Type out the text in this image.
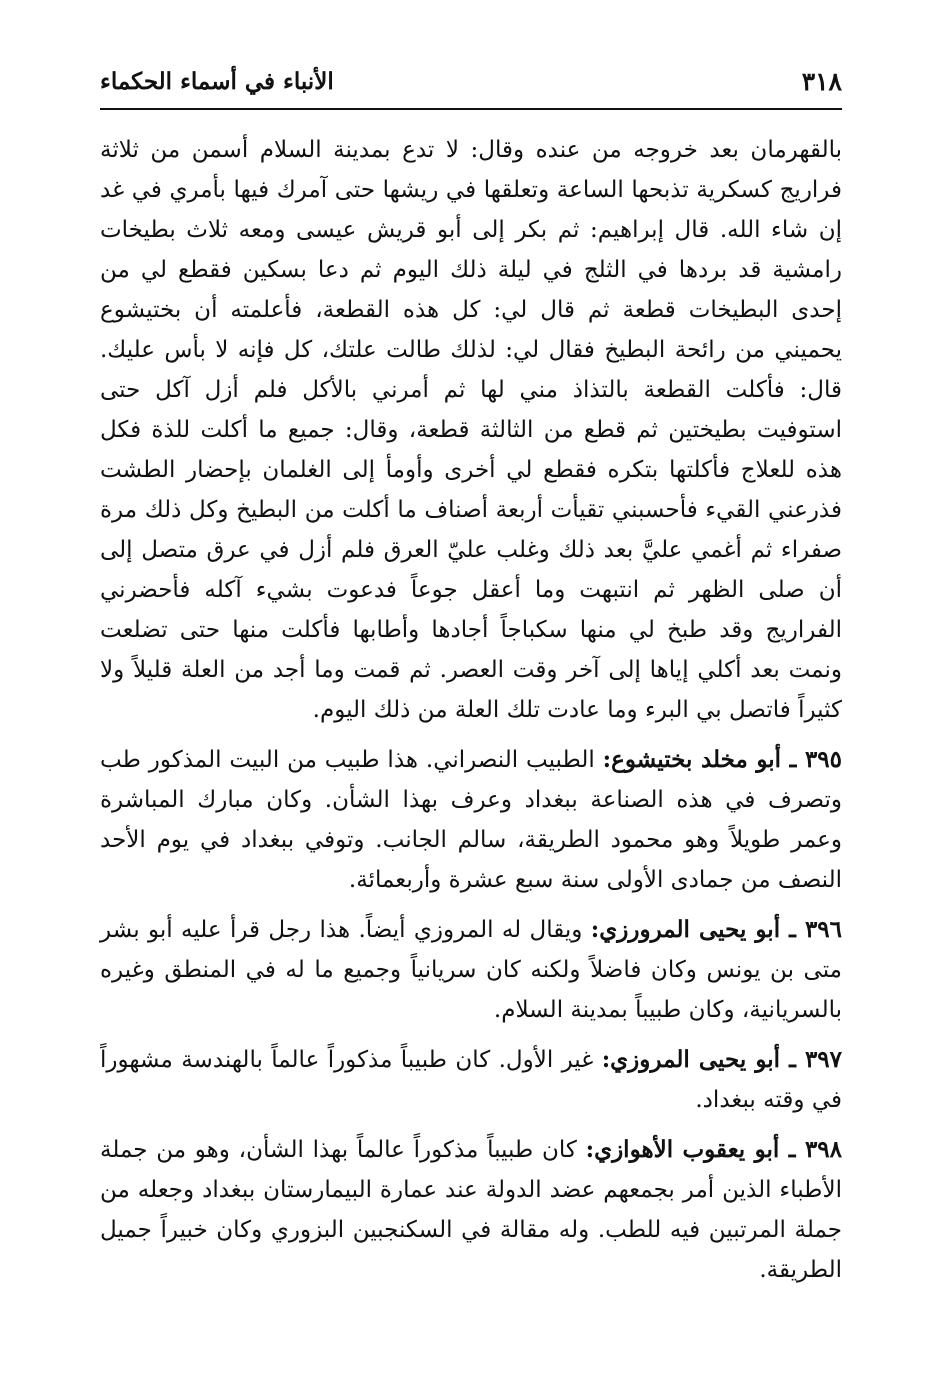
٣١٨
الأنباء في أسماء الحكماء

بالقهرمان بعد خروجه من عنده وقال: لا تدع بمدينة السلام أسمن من ثلاثة فراريج كسكرية تذبحها الساعة وتعلقها في ريشها حتى آمرك فيها بأمري في غد إن شاء الله. قال إبراهيم: ثم بكر إلى أبو قريش عيسى ومعه ثلاث بطيخات رامشية قد بردها في الثلج في ليلة ذلك اليوم ثم دعا بسكين فقطع لي من إحدى البطيخات قطعة ثم قال لي: كل هذه القطعة، فأعلمته أن بختيشوع يحميني من رائحة البطيخ فقال لي: لذلك طالت علتك، كل فإنه لا بأس عليك. قال: فأكلت القطعة بالتذاذ مني لها ثم أمرني بالأكل فلم أزل آكل حتى استوفيت بطيختين ثم قطع من الثالثة قطعة، وقال: جميع ما أكلت للذة فكل هذه للعلاج فأكلتها بتكره فقطع لي أخرى وأومأ إلى الغلمان بإحضار الطشت فذرعني القيء فأحسبني تقيأت أربعة أصناف ما أكلت من البطيخ وكل ذلك مرة صفراء ثم أغمي عليَّ بعد ذلك وغلب عليّ العرق فلم أزل في عرق متصل إلى أن صلى الظهر ثم انتبهت وما أعقل جوعاً فدعوت بشيء آكله فأحضرني الفراريج وقد طبخ لي منها سكباجاً أجادها وأطابها فأكلت منها حتى تضلعت ونمت بعد أكلي إياها إلى آخر وقت العصر. ثم قمت وما أجد من العلة قليلاً ولا كثيراً فاتصل بي البرء وما عادت تلك العلة من ذلك اليوم.

٣٩٥ ـ أبو مخلد بختيشوع: الطبيب النصراني. هذا طبيب من البيت المذكور طب وتصرف في هذه الصناعة ببغداد وعرف بهذا الشأن. وكان مبارك المباشرة وعمر طويلاً وهو محمود الطريقة، سالم الجانب. وتوفي ببغداد في يوم الأحد النصف من جمادى الأولى سنة سبع عشرة وأربعمائة.

٣٩٦ ـ أبو يحيى المرورزي: ويقال له المروزي أيضاً. هذا رجل قرأ عليه أبو بشر متى بن يونس وكان فاضلاً ولكنه كان سريانياً وجميع ما له في المنطق وغيره بالسريانية، وكان طبيباً بمدينة السلام.

٣٩٧ ـ أبو يحيى المروزي: غير الأول. كان طبيباً مذكوراً عالماً بالهندسة مشهوراً في وقته ببغداد.

٣٩٨ ـ أبو يعقوب الأهوازي: كان طبيباً مذكوراً عالماً بهذا الشأن، وهو من جملة الأطباء الذين أمر بجمعهم عضد الدولة عند عمارة البيمارستان ببغداد وجعله من جملة المرتبين فيه للطب. وله مقالة في السكنجبين البزوري وكان خبيراً جميل الطريقة.
